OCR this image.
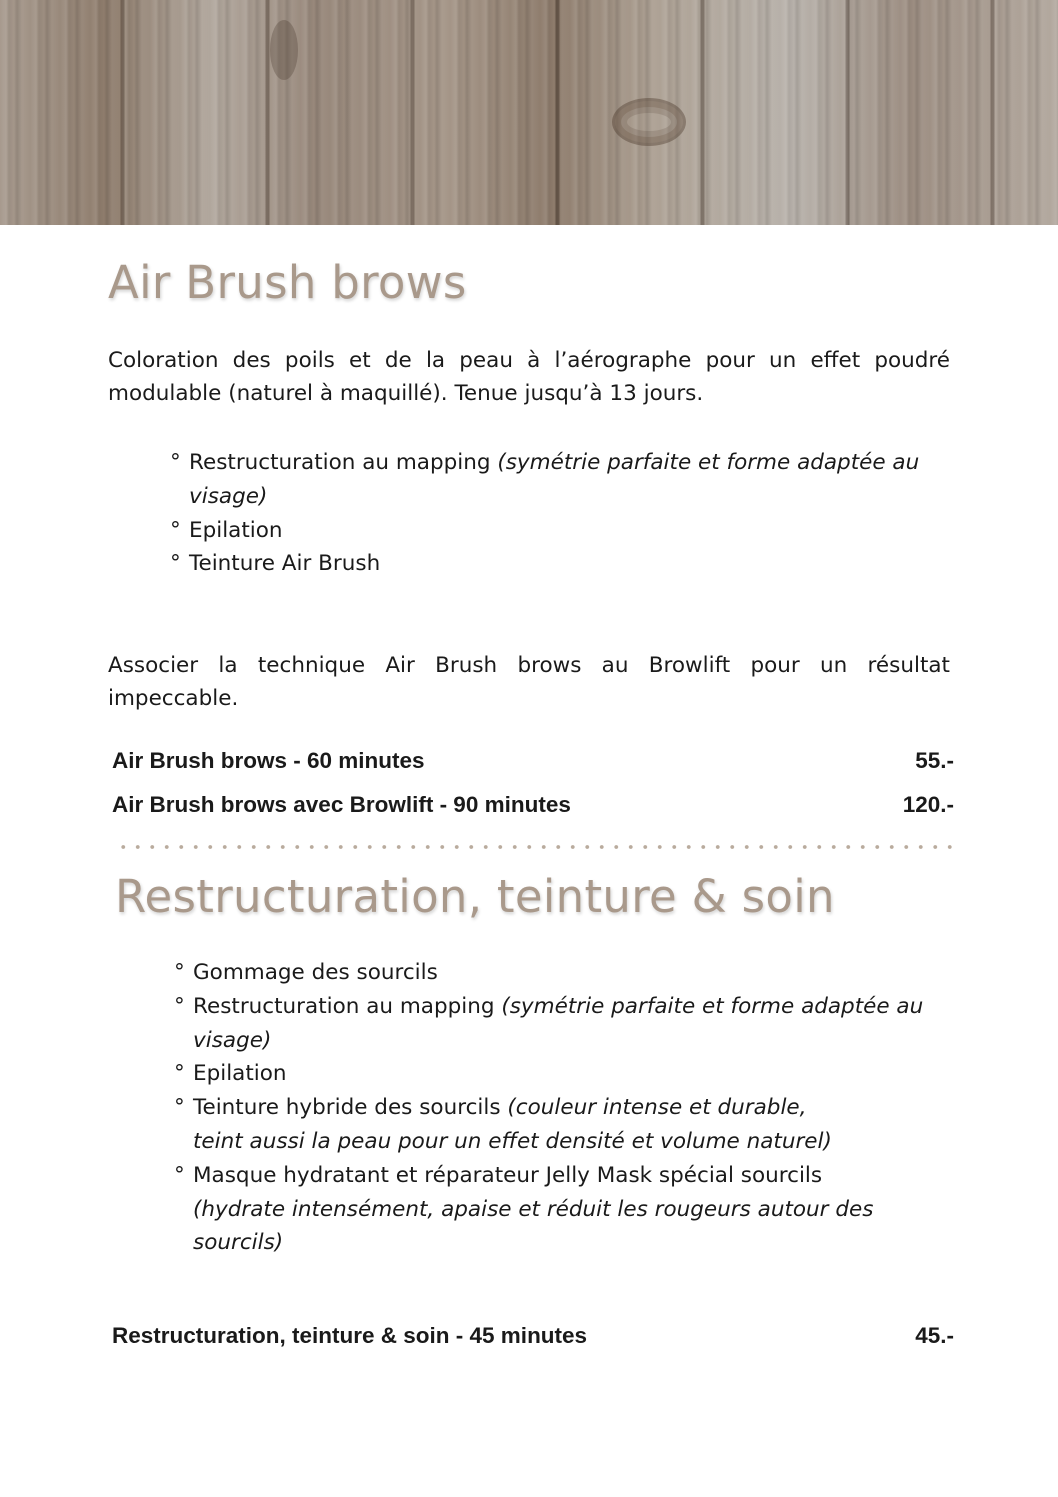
Air Brush brows

Coloration des poils et de la peau à l’aérographe pour un effet poudré modulable (naturel à maquillé). Tenue jusqu’à 13 jours.

° Restructuration au mapping (symétrie parfaite et forme adaptée au visage)
° Epilation
° Teinture Air Brush

Associer la technique Air Brush brows au Browlift pour un résultat impeccable.

Air Brush brows - 60 minutes	55.-
Air Brush brows avec Browlift - 90 minutes	120.-
Restructuration, teinture & soin
° Gommage des sourcils
° Restructuration au mapping (symétrie parfaite et forme adaptée au visage)
° Epilation
° Teinture hybride des sourcils (couleur intense et durable, teint aussi la peau pour un effet densité et volume naturel)
° Masque hydratant et réparateur Jelly Mask spécial sourcils (hydrate intensément, apaise et réduit les rougeurs autour des sourcils)
Restructuration, teinture & soin - 45 minutes	45.-
